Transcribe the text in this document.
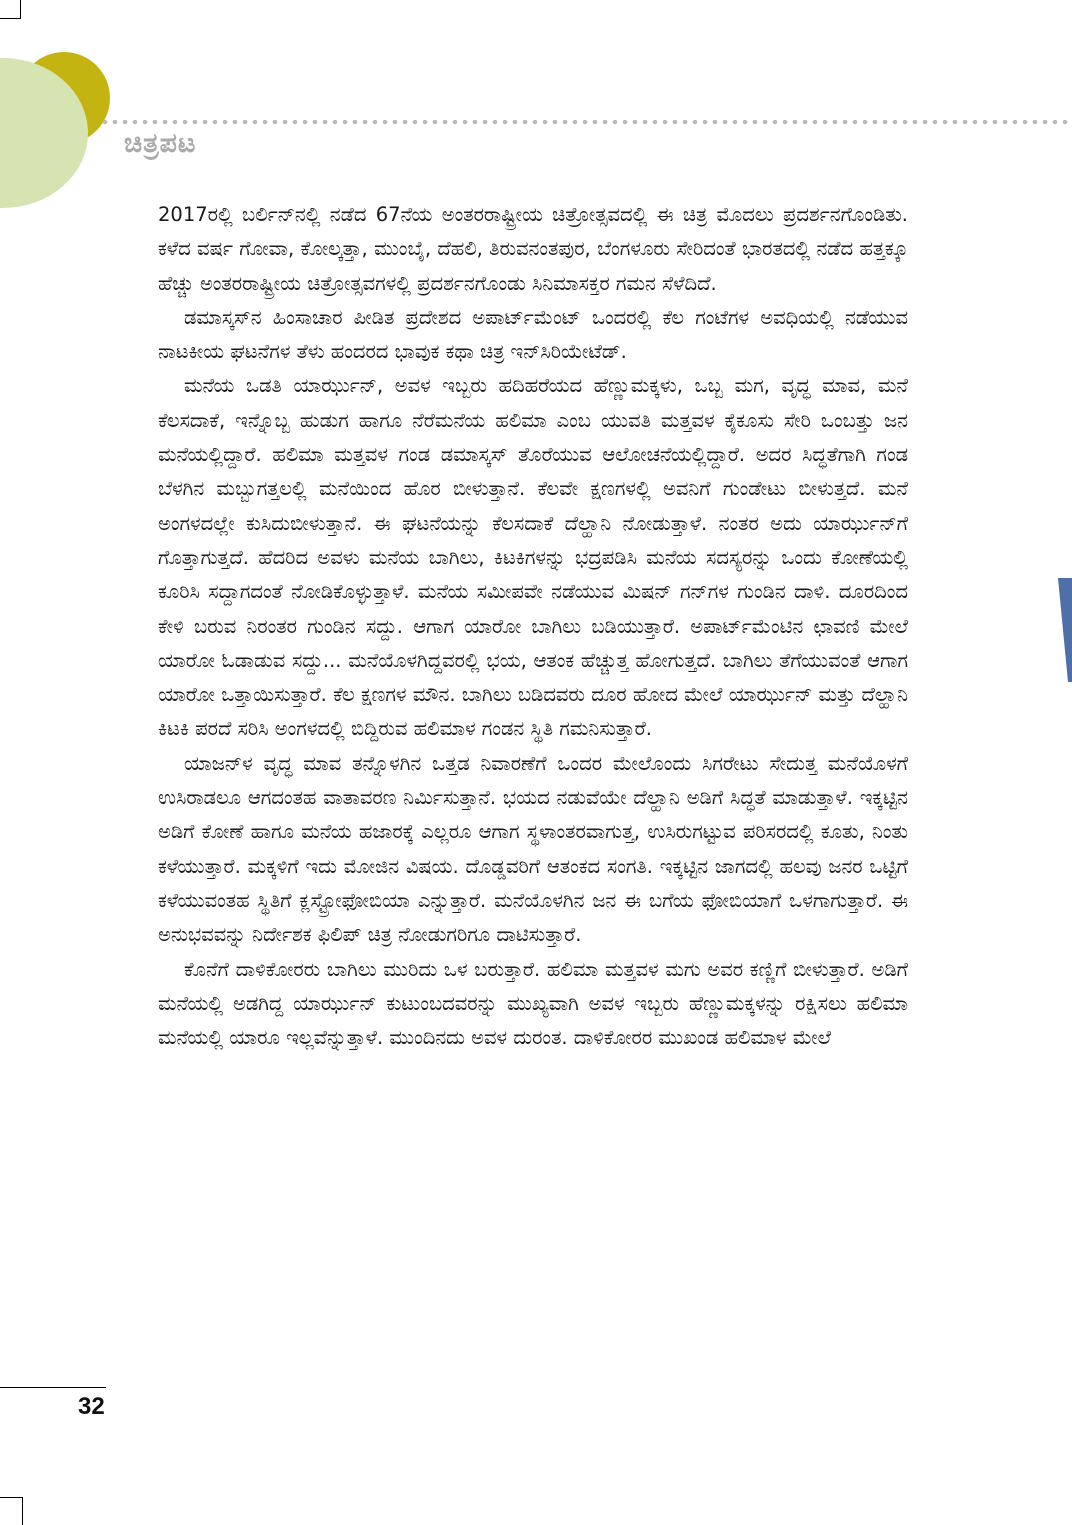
ಚಿತ್ರಪಟ

2017ರಲ್ಲಿ ಬರ್ಲಿನ್‌ನಲ್ಲಿ ನಡೆದ 67ನೆಯ ಅಂತರರಾಷ್ಟ್ರೀಯ ಚಿತ್ರೋತ್ಸವದಲ್ಲಿ ಈ ಚಿತ್ರ ಮೊದಲು ಪ್ರದರ್ಶನಗೊಂಡಿತು. ಕಳೆದ ವರ್ಷ ಗೋವಾ, ಕೋಲ್ಕತ್ತಾ, ಮುಂಬೈ, ದೆಹಲಿ, ತಿರುವನಂತಪುರ, ಬೆಂಗಳೂರು ಸೇರಿದಂತೆ ಭಾರತದಲ್ಲಿ ನಡೆದ ಹತ್ತಕ್ಕೂ ಹೆಚ್ಚು ಅಂತರರಾಷ್ಟ್ರೀಯ ಚಿತ್ರೋತ್ಸವಗಳಲ್ಲಿ ಪ್ರದರ್ಶನಗೊಂಡು ಸಿನಿಮಾಸಕ್ತರ ಗಮನ ಸೆಳೆದಿದೆ.

ಡಮಾಸ್ಕಸ್‌ನ ಹಿಂಸಾಚಾರ ಪೀಡಿತ ಪ್ರದೇಶದ ಅಪಾರ್ಟ್‌ಮೆಂಟ್ ಒಂದರಲ್ಲಿ ಕೆಲ ಗಂಟೆಗಳ ಅವಧಿಯಲ್ಲಿ ನಡೆಯುವ ನಾಟಕೀಯ ಘಟನೆಗಳ ತೆಳು ಹಂದರದ ಭಾವುಕ ಕಥಾ ಚಿತ್ರ ಇನ್‌ಸಿರಿಯೇಟೆಡ್.

ಮನೆಯ ಒಡತಿ ಯಾರ್ಝುನ್, ಅವಳ ಇಬ್ಬರು ಹದಿಹರೆಯದ ಹೆಣ್ಣುಮಕ್ಕಳು, ಒಬ್ಬ ಮಗ, ವೃದ್ಧ ಮಾವ, ಮನೆ ಕೆಲಸದಾಕೆ, ಇನ್ನೊಬ್ಬ ಹುಡುಗ ಹಾಗೂ ನೆರೆಮನೆಯ ಹಲಿಮಾ ಎಂಬ ಯುವತಿ ಮತ್ತವಳ ಕೈಕೂಸು ಸೇರಿ ಒಂಬತ್ತು ಜನ ಮನೆಯಲ್ಲಿದ್ದಾರೆ. ಹಲಿಮಾ ಮತ್ತವಳ ಗಂಡ ಡಮಾಸ್ಕಸ್ ತೊರೆಯುವ ಆಲೋಚನೆಯಲ್ಲಿದ್ದಾರೆ. ಅದರ ಸಿದ್ಧತೆಗಾಗಿ ಗಂಡ ಬೆಳಗಿನ ಮಬ್ಬುಗತ್ತಲಲ್ಲಿ ಮನೆಯಿಂದ ಹೊರ ಬೀಳುತ್ತಾನೆ. ಕೆಲವೇ ಕ್ಷಣಗಳಲ್ಲಿ ಅವನಿಗೆ ಗುಂಡೇಟು ಬೀಳುತ್ತದೆ. ಮನೆ ಅಂಗಳದಲ್ಲೇ ಕುಸಿದುಬೀಳುತ್ತಾನೆ. ಈ ಘಟನೆಯನ್ನು ಕೆಲಸದಾಕೆ ದೆಲ್ಹಾನಿ ನೋಡುತ್ತಾಳೆ. ನಂತರ ಅದು ಯಾರ್ಝುನ್‌ಗೆ ಗೊತ್ತಾಗುತ್ತದೆ. ಹೆದರಿದ ಅವಳು ಮನೆಯ ಬಾಗಿಲು, ಕಿಟಕಿಗಳನ್ನು ಭದ್ರಪಡಿಸಿ ಮನೆಯ ಸದಸ್ಯರನ್ನು ಒಂದು ಕೋಣೆಯಲ್ಲಿ ಕೂರಿಸಿ ಸದ್ದಾಗದಂತೆ ನೋಡಿಕೊಳ್ಳುತ್ತಾಳೆ. ಮನೆಯ ಸಮೀಪವೇ ನಡೆಯುವ ಮಿಷನ್ ಗನ್‌ಗಳ ಗುಂಡಿನ ದಾಳಿ. ದೂರದಿಂದ ಕೇಳಿ ಬರುವ ನಿರಂತರ ಗುಂಡಿನ ಸದ್ದು. ಆಗಾಗ ಯಾರೋ ಬಾಗಿಲು ಬಡಿಯುತ್ತಾರೆ. ಅಪಾರ್ಟ್‌ಮೆಂಟಿನ ಛಾವಣಿ ಮೇಲೆ ಯಾರೋ ಓಡಾಡುವ ಸದ್ದು... ಮನೆಯೊಳಗಿದ್ದವರಲ್ಲಿ ಭಯ, ಆತಂಕ ಹೆಚ್ಚುತ್ತ ಹೋಗುತ್ತದೆ. ಬಾಗಿಲು ತೆಗೆಯುವಂತೆ ಆಗಾಗ ಯಾರೋ ಒತ್ತಾಯಿಸುತ್ತಾರೆ. ಕೆಲ ಕ್ಷಣಗಳ ಮೌನ. ಬಾಗಿಲು ಬಡಿದವರು ದೂರ ಹೋದ ಮೇಲೆ ಯಾರ್ಝುನ್ ಮತ್ತು ದೆಲ್ಹಾನಿ ಕಿಟಕಿ ಪರದೆ ಸರಿಸಿ ಅಂಗಳದಲ್ಲಿ ಬಿದ್ದಿರುವ ಹಲಿಮಾಳ ಗಂಡನ ಸ್ಥಿತಿ ಗಮನಿಸುತ್ತಾರೆ.

ಯಾಜನ್‌ಳ ವೃದ್ಧ ಮಾವ ತನ್ನೊಳಗಿನ ಒತ್ತಡ ನಿವಾರಣೆಗೆ ಒಂದರ ಮೇಲೊಂದು ಸಿಗರೇಟು ಸೇದುತ್ತ ಮನೆಯೊಳಗೆ ಉಸಿರಾಡಲೂ ಆಗದಂತಹ ವಾತಾವರಣ ನಿರ್ಮಿಸುತ್ತಾನೆ. ಭಯದ ನಡುವೆಯೇ ದೆಲ್ಹಾನಿ ಅಡಿಗೆ ಸಿದ್ಧತೆ ಮಾಡುತ್ತಾಳೆ. ಇಕ್ಕಟ್ಟಿನ ಅಡಿಗೆ ಕೋಣೆ ಹಾಗೂ ಮನೆಯ ಹಜಾರಕ್ಕೆ ಎಲ್ಲರೂ ಆಗಾಗ ಸ್ಥಳಾಂತರವಾಗುತ್ತ, ಉಸಿರುಗಟ್ಟುವ ಪರಿಸರದಲ್ಲಿ ಕೂತು, ನಿಂತು ಕಳೆಯುತ್ತಾರೆ. ಮಕ್ಕಳಿಗೆ ಇದು ಮೋಜಿನ ವಿಷಯ. ದೊಡ್ಡವರಿಗೆ ಆತಂಕದ ಸಂಗತಿ. ಇಕ್ಕಟ್ಟಿನ ಜಾಗದಲ್ಲಿ ಹಲವು ಜನರ ಒಟ್ಟಿಗೆ ಕಳೆಯುವಂತಹ ಸ್ಥಿತಿಗೆ ಕ್ಲಸ್ಟ್ರೋಫೋಬಿಯಾ ಎನ್ನುತ್ತಾರೆ. ಮನೆಯೊಳಗಿನ ಜನ ಈ ಬಗೆಯ ಫೋಬಿಯಾಗೆ ಒಳಗಾಗುತ್ತಾರೆ. ಈ ಅನುಭವವನ್ನು ನಿರ್ದೇಶಕ ಫಿಲಿಪ್ ಚಿತ್ರ ನೋಡುಗರಿಗೂ ದಾಟಿಸುತ್ತಾರೆ.

ಕೊನೆಗೆ ದಾಳಿಕೋರರು ಬಾಗಿಲು ಮುರಿದು ಒಳ ಬರುತ್ತಾರೆ. ಹಲಿಮಾ ಮತ್ತವಳ ಮಗು ಅವರ ಕಣ್ಣಿಗೆ ಬೀಳುತ್ತಾರೆ. ಅಡಿಗೆ ಮನೆಯಲ್ಲಿ ಅಡಗಿದ್ದ ಯಾರ್ಝುನ್ ಕುಟುಂಬದವರನ್ನು ಮುಖ್ಯವಾಗಿ ಅವಳ ಇಬ್ಬರು ಹೆಣ್ಣುಮಕ್ಕಳನ್ನು ರಕ್ಷಿಸಲು ಹಲಿಮಾ ಮನೆಯಲ್ಲಿ ಯಾರೂ ಇಲ್ಲವೆನ್ನುತ್ತಾಳೆ. ಮುಂದಿನದು ಅವಳ ದುರಂತ. ದಾಳಿಕೋರರ ಮುಖಂಡ ಹಲಿಮಾಳ ಮೇಲೆ

32
